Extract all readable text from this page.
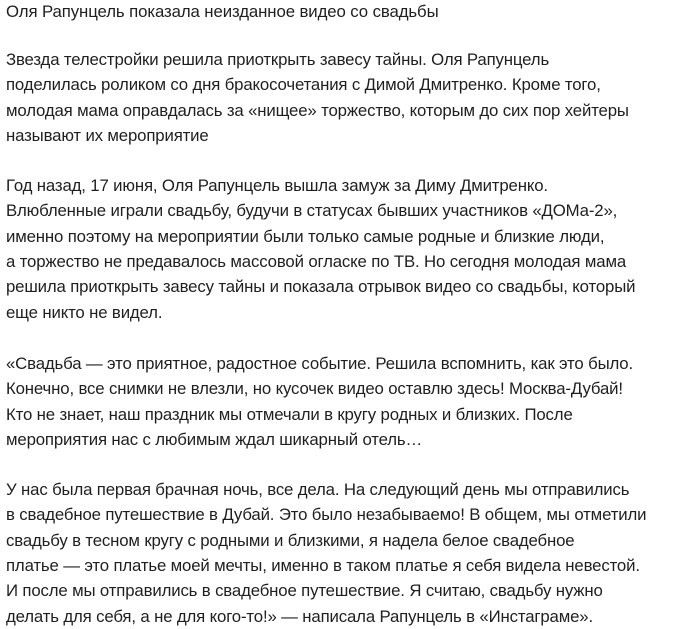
Оля Рапунцель показала неизданное видео со свадьбы

Звезда телестройки решила приоткрыть завесу тайны. Оля Рапунцель
поделилась роликом со дня бракосочетания с Димой Дмитренко. Кроме того,
молодая мама оправдалась за «нищее» торжество, которым до сих пор хейтеры
называют их мероприятие

Год назад, 17 июня, Оля Рапунцель вышла замуж за Диму Дмитренко.
Влюбленные играли свадьбу, будучи в статусах бывших участников «ДОМа-2»,
именно поэтому на мероприятии были только самые родные и близкие люди,
а торжество не предавалось массовой огласке по ТВ. Но сегодня молодая мама
решила приоткрыть завесу тайны и показала отрывок видео со свадьбы, который
еще никто не видел.

«Свадьба — это приятное, радостное событие. Решила вспомнить, как это было.
Конечно, все снимки не влезли, но кусочек видео оставлю здесь! Москва-Дубай!
Кто не знает, наш праздник мы отмечали в кругу родных и близких. После
мероприятия нас с любимым ждал шикарный отель…

У нас была первая брачная ночь, все дела. На следующий день мы отправились
в свадебное путешествие в Дубай. Это было незабываемо! В общем, мы отметили
свадьбу в тесном кругу с родными и близкими, я надела белое свадебное
платье — это платье моей мечты, именно в таком платье я себя видела невестой.
И после мы отправились в свадебное путешествие. Я считаю, свадьбу нужно
делать для себя, а не для кого-то!» — написала Рапунцель в «Инстаграме».
